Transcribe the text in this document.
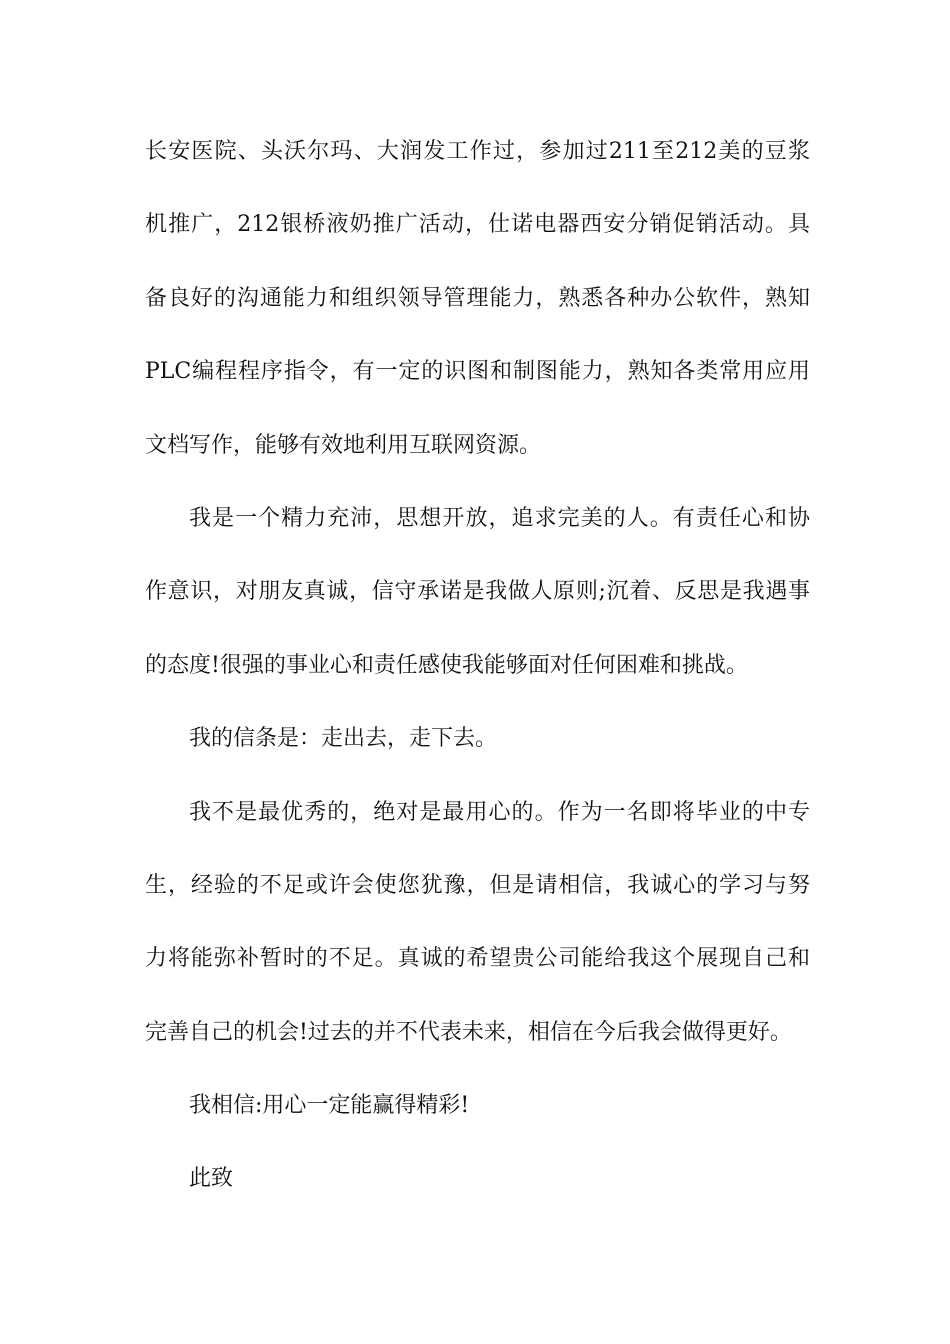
长安医院、头沃尔玛、大润发工作过，参加过211至212美的豆浆
机推广，212银桥液奶推广活动，仕诺电器西安分销促销活动。具
备良好的沟通能力和组织领导管理能力，熟悉各种办公软件，熟知
PLC编程程序指令，有一定的识图和制图能力，熟知各类常用应用
文档写作，能够有效地利用互联网资源。
我是一个精力充沛，思想开放，追求完美的人。有责任心和协
作意识，对朋友真诚，信守承诺是我做人原则;沉着、反思是我遇事
的态度!很强的事业心和责任感使我能够面对任何困难和挑战。
我的信条是：走出去，走下去。
我不是最优秀的，绝对是最用心的。作为一名即将毕业的中专
生，经验的不足或许会使您犹豫，但是请相信，我诚心的学习与努
力将能弥补暂时的不足。真诚的希望贵公司能给我这个展现自己和
完善自己的机会!过去的并不代表未来，相信在今后我会做得更好。
我相信:用心一定能赢得精彩!
此致
